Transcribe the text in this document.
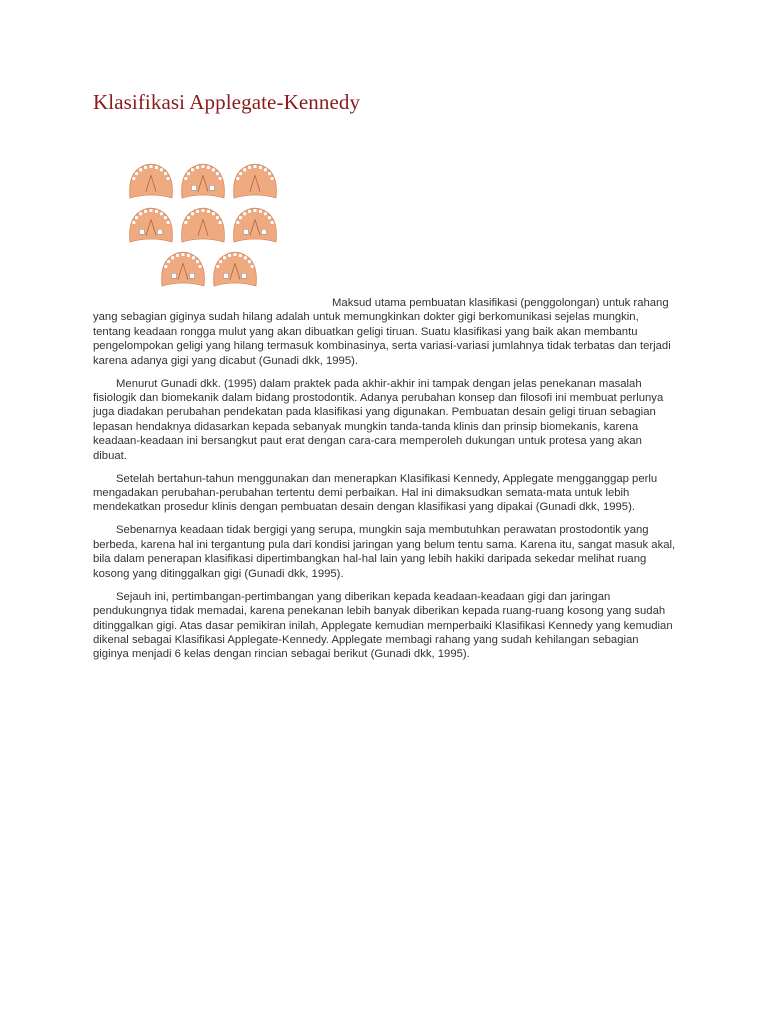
Klasifikasi Applegate-Kennedy

Maksud utama pembuatan klasifikasi (penggolongan) untuk rahang yang sebagian giginya sudah hilang adalah untuk memungkinkan dokter gigi berkomunikasi sejelas mungkin, tentang keadaan rongga mulut yang akan dibuatkan geligi tiruan. Suatu klasifikasi yang baik akan membantu pengelompokan geligi yang hilang termasuk kombinasinya, serta variasi-variasi jumlahnya tidak terbatas dan terjadi karena adanya gigi yang dicabut (Gunadi dkk, 1995).

Menurut Gunadi dkk. (1995) dalam praktek pada akhir-akhir ini tampak dengan jelas penekanan masalah fisiologik dan biomekanik dalam bidang prostodontik. Adanya perubahan konsep dan filosofi ini membuat perlunya juga diadakan perubahan pendekatan pada klasifikasi yang digunakan. Pembuatan desain geligi tiruan sebagian lepasan hendaknya didasarkan kepada sebanyak mungkin tanda-tanda klinis dan prinsip biomekanis, karena keadaan-keadaan ini bersangkut paut erat dengan cara-cara memperoleh dukungan untuk protesa yang akan dibuat.

Setelah bertahun-tahun menggunakan dan menerapkan Klasifikasi Kennedy, Applegate mengganggap perlu mengadakan perubahan-perubahan tertentu demi perbaikan. Hal ini dimaksudkan semata-mata untuk lebih mendekatkan prosedur klinis dengan pembuatan desain dengan klasifikasi yang dipakai (Gunadi dkk, 1995).

Sebenarnya keadaan tidak bergigi yang serupa, mungkin saja membutuhkan perawatan prostodontik yang berbeda, karena hal ini tergantung pula dari kondisi jaringan yang belum tentu sama. Karena itu, sangat masuk akal, bila dalam penerapan klasifikasi dipertimbangkan hal-hal lain yang lebih hakiki daripada sekedar melihat ruang kosong yang ditinggalkan gigi (Gunadi dkk, 1995).

Sejauh ini, pertimbangan-pertimbangan yang diberikan kepada keadaan-keadaan gigi dan jaringan pendukungnya tidak memadai, karena penekanan lebih banyak diberikan kepada ruang-ruang kosong yang sudah ditinggalkan gigi. Atas dasar pemikiran inilah, Applegate kemudian memperbaiki Klasifikasi Kennedy yang kemudian dikenal sebagai Klasifikasi Applegate-Kennedy. Applegate membagi rahang yang sudah kehilangan sebagian giginya menjadi 6 kelas dengan rincian sebagai berikut (Gunadi dkk, 1995).
